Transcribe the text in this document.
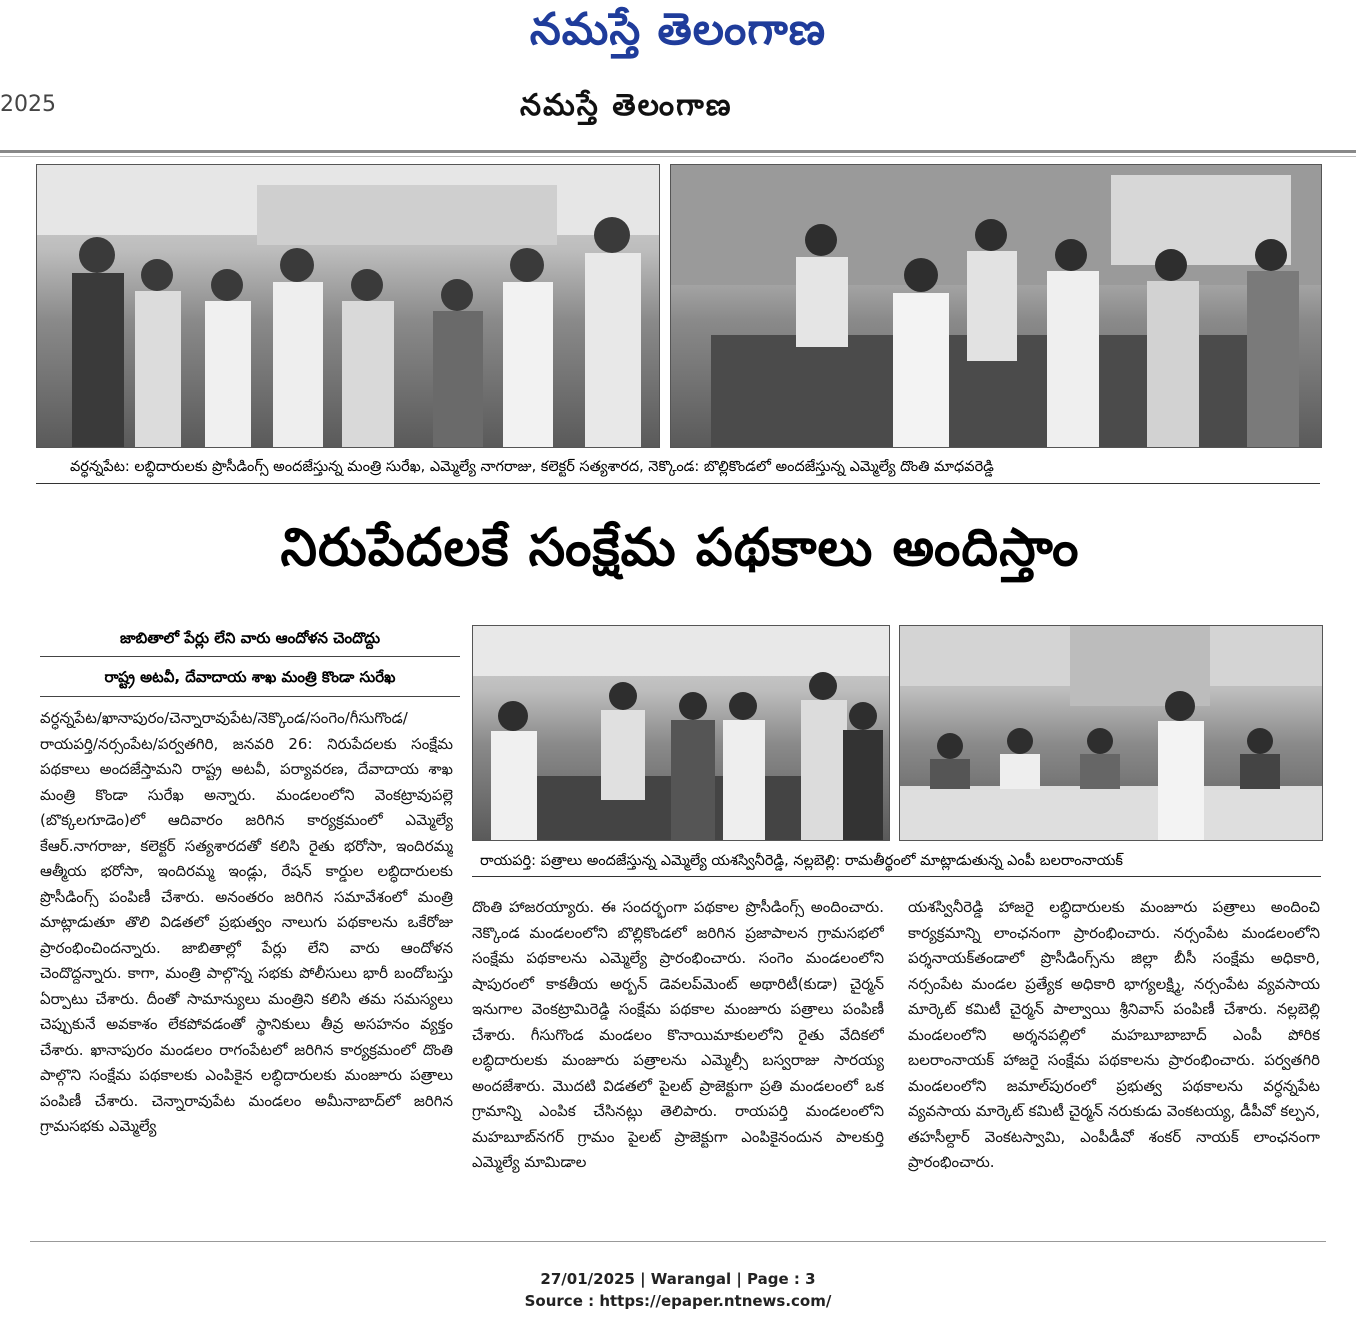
నమస్తే తెలంగాణ
2025	నమస్తే తెలంగాణ
వర్ధన్నపేట: లబ్ధిదారులకు ప్రొసీడింగ్స్ అందజేస్తున్న మంత్రి సురేఖ, ఎమ్మెల్యే నాగరాజు, కలెక్టర్ సత్యశారద, నెక్కొండ: బొల్లికొండలో అందజేస్తున్న ఎమ్మెల్యే దొంతి మాధవరెడ్డి
నిరుపేదలకే సంక్షేమ పథకాలు అందిస్తాం
జాబితాలో పేర్లు లేని వారు ఆందోళన చెందొద్దు
రాష్ట్ర అటవీ, దేవాదాయ శాఖ మంత్రి కొండా సురేఖ
రాయపర్తి: పత్రాలు అందజేస్తున్న ఎమ్మెల్యే యశస్వినీరెడ్డి, నల్లబెల్లి: రామతీర్థంలో మాట్లాడుతున్న ఎంపీ బలరాంనాయక్

వర్ధన్నపేట/ఖానాపురం/చెన్నారావుపేట/నెక్కొండ/సంగెం/గీసుగొండ/రాయపర్తి/నర్సంపేట/పర్వతగిరి, జనవరి 26: నిరుపేదలకు సంక్షేమ పథకాలు అందజేస్తామని రాష్ట్ర అటవీ, పర్యావరణ, దేవాదాయ శాఖ మంత్రి కొండా సురేఖ అన్నారు. మండలంలోని వెంకట్రావుపల్లె (బొక్కలగూడెం)లో ఆదివారం జరిగిన కార్యక్రమంలో ఎమ్మెల్యే కేఆర్.నాగరాజు, కలెక్టర్ సత్యశారదతో కలిసి రైతు భరోసా, ఇందిరమ్మ ఆత్మీయ భరోసా, ఇందిరమ్మ ఇండ్లు, రేషన్ కార్డుల లబ్ధిదారులకు ప్రొసీడింగ్స్ పంపిణీ చేశారు. అనంతరం జరిగిన సమావేశంలో మంత్రి మాట్లాడుతూ తొలి విడతలో ప్రభుత్వం నాలుగు పథకాలను ఒకేరోజు ప్రారంభించిందన్నారు. జాబితాల్లో పేర్లు లేని వారు ఆందోళన చెందొద్దన్నారు. కాగా, మంత్రి పాల్గొన్న సభకు పోలీసులు భారీ బందోబస్తు ఏర్పాటు చేశారు. దీంతో సామాన్యులు మంత్రిని కలిసి తమ సమస్యలు చెప్పుకునే అవకాశం లేకపోవడంతో స్థానికులు తీవ్ర అసహనం వ్యక్తం చేశారు. ఖానాపురం మండలం రాగంపేటలో జరిగిన కార్యక్రమంలో దొంతి పాల్గొని సంక్షేమ పథకాలకు ఎంపికైన లబ్ధిదారులకు మంజూరు పత్రాలు పంపిణీ చేశారు. చెన్నారావుపేట మండలం అమీనాబాద్‌లో జరిగిన గ్రామసభకు ఎమ్మెల్యే

దొంతి హాజరయ్యారు. ఈ సందర్భంగా పథకాల ప్రొసీడింగ్స్ అందించారు. నెక్కొండ మండలంలోని బొల్లికొండలో జరిగిన ప్రజాపాలన గ్రామసభలో సంక్షేమ పథకాలను ఎమ్మెల్యే ప్రారంభించారు. సంగెం మండలంలోని షాపురంలో కాకతీయ అర్బన్ డెవలప్‌మెంట్ అథారిటీ(కుడా) చైర్మన్ ఇనుగాల వెంకట్రామిరెడ్డి సంక్షేమ పథకాల మంజూరు పత్రాలు పంపిణీ చేశారు. గీసుగొండ మండలం కొనాయిమాకులలోని రైతు వేదికలో లబ్ధిదారులకు మంజూరు పత్రాలను ఎమ్మెల్సీ బస్వరాజు సారయ్య అందజేశారు. మొదటి విడతలో పైలట్ ప్రాజెక్టుగా ప్రతి మండలంలో ఒక గ్రామాన్ని ఎంపిక చేసినట్లు తెలిపారు. రాయపర్తి మండలంలోని మహబూబ్‌నగర్ గ్రామం పైలట్ ప్రాజెక్టుగా ఎంపికైనందున పాలకుర్తి ఎమ్మెల్యే మామిడాల

యశస్వినీరెడ్డి హాజరై లబ్ధిదారులకు మంజూరు పత్రాలు అందించి కార్యక్రమాన్ని లాంఛనంగా ప్రారంభించారు. నర్సంపేట మండలంలోని పర్శనాయక్‌తండాలో ప్రొసీడింగ్స్‌ను జిల్లా బీసీ సంక్షేమ అధికారి, నర్సంపేట మండల ప్రత్యేక అధికారి భాగ్యలక్ష్మి, నర్సంపేట వ్యవసాయ మార్కెట్ కమిటీ చైర్మన్ పాల్వాయి శ్రీనివాస్ పంపిణీ చేశారు. నల్లబెల్లి మండలంలోని అర్శనపల్లిలో మహబూబాబాద్ ఎంపీ పోరిక బలరాంనాయక్ హాజరై సంక్షేమ పథకాలను ప్రారంభించారు. పర్వతగిరి మండలంలోని జమాల్‌పురంలో ప్రభుత్వ పథకాలను వర్ధన్నపేట వ్యవసాయ మార్కెట్ కమిటీ చైర్మన్ నరుకుడు వెంకటయ్య, డీపీవో కల్పన, తహసీల్దార్ వెంకటస్వామి, ఎంపీడీవో శంకర్ నాయక్ లాంఛనంగా ప్రారంభించారు.

27/01/2025 | Warangal | Page : 3
Source : https://epaper.ntnews.com/
